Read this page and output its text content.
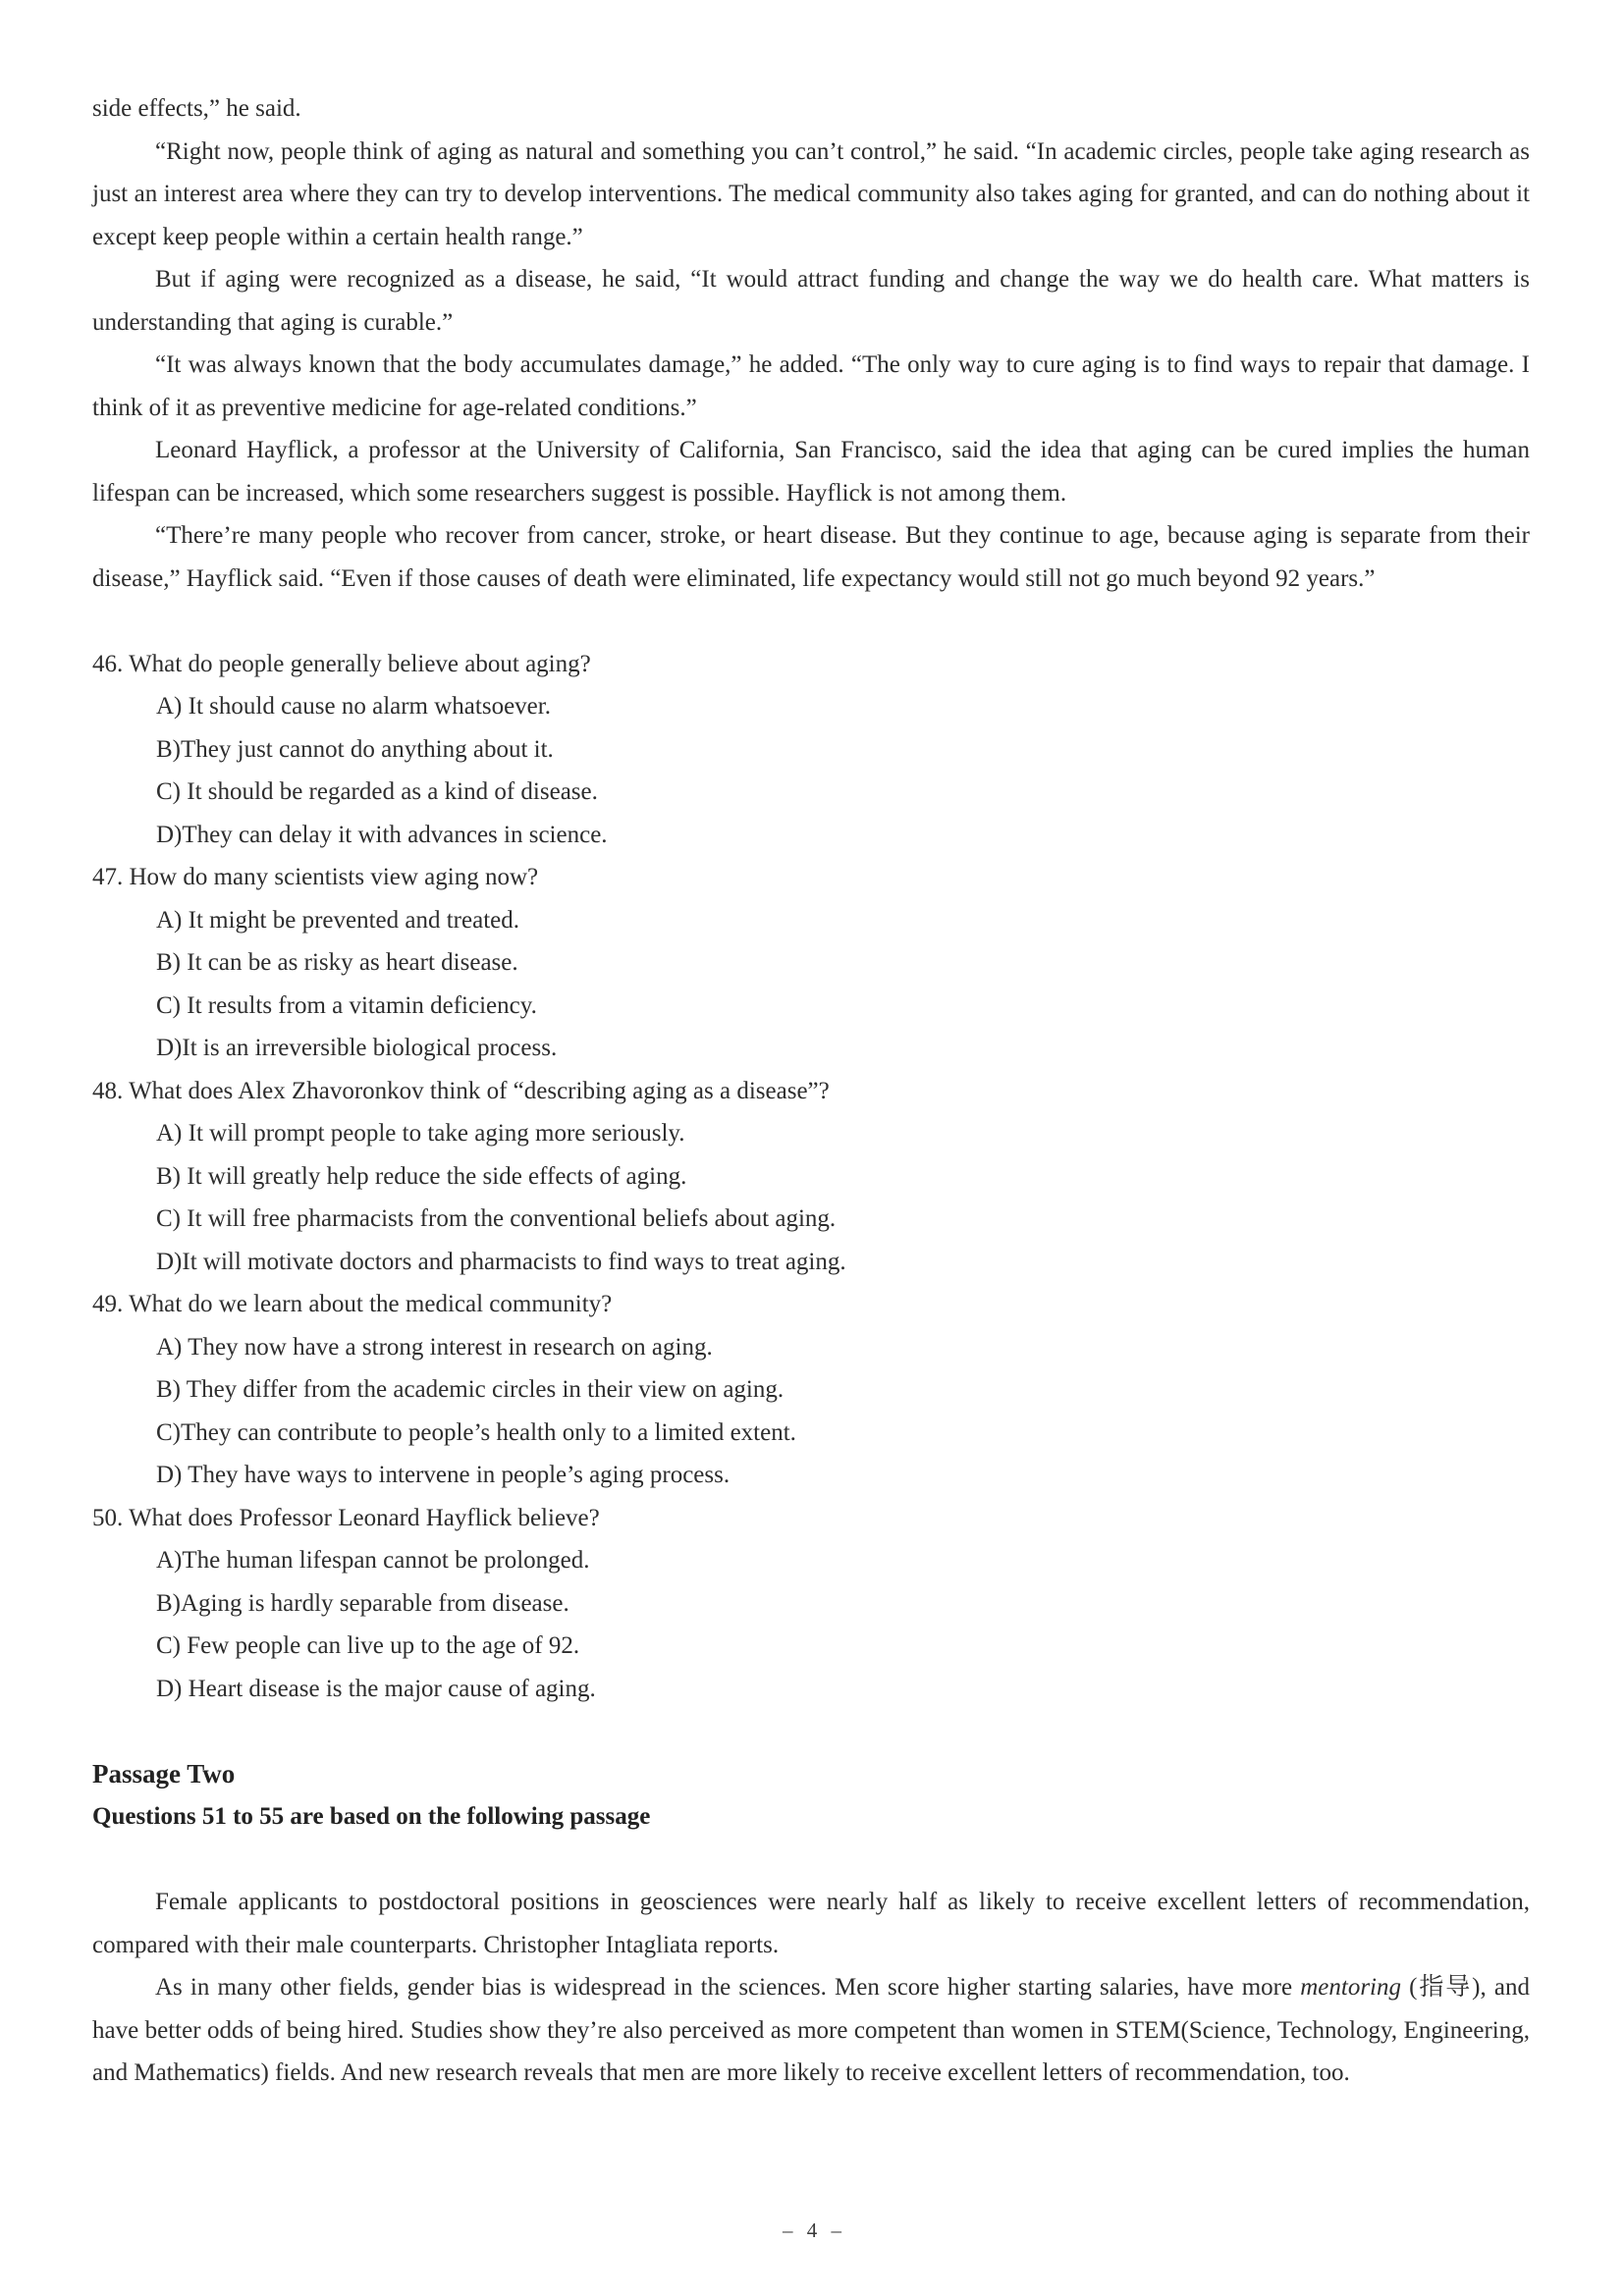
side effects,” he said.

“Right now, people think of aging as natural and something you can’t control,” he said. “In academic circles, people take aging research as just an interest area where they can try to develop interventions. The medical community also takes aging for granted, and can do nothing about it except keep people within a certain health range.”

But if aging were recognized as a disease, he said, “It would attract funding and change the way we do health care. What matters is understanding that aging is curable.”

“It was always known that the body accumulates damage,” he added. “The only way to cure aging is to find ways to repair that damage. I think of it as preventive medicine for age-related conditions.”

Leonard Hayflick, a professor at the University of California, San Francisco, said the idea that aging can be cured implies the human lifespan can be increased, which some researchers suggest is possible. Hayflick is not among them.

“There’re many people who recover from cancer, stroke, or heart disease. But they continue to age, because aging is separate from their disease,” Hayflick said. “Even if those causes of death were eliminated, life expectancy would still not go much beyond 92 years.”

46. What do people generally believe about aging?
A) It should cause no alarm whatsoever.
B)They just cannot do anything about it.
C) It should be regarded as a kind of disease.
D)They can delay it with advances in science.
47. How do many scientists view aging now?
A) It might be prevented and treated.
B) It can be as risky as heart disease.
C) It results from a vitamin deficiency.
D)It is an irreversible biological process.
48. What does Alex Zhavoronkov think of “describing aging as a disease”?
A) It will prompt people to take aging more seriously.
B) It will greatly help reduce the side effects of aging.
C) It will free pharmacists from the conventional beliefs about aging.
D)It will motivate doctors and pharmacists to find ways to treat aging.
49. What do we learn about the medical community?
A) They now have a strong interest in research on aging.
B) They differ from the academic circles in their view on aging.
C)They can contribute to people’s health only to a limited extent.
D) They have ways to intervene in people’s aging process.
50. What does Professor Leonard Hayflick believe?
A)The human lifespan cannot be prolonged.
B)Aging is hardly separable from disease.
C) Few people can live up to the age of 92.
D) Heart disease is the major cause of aging.
Passage Two
Questions 51 to 55 are based on the following passage

Female applicants to postdoctoral positions in geosciences were nearly half as likely to receive excellent letters of recommendation, compared with their male counterparts. Christopher Intagliata reports.

As in many other fields, gender bias is widespread in the sciences. Men score higher starting salaries, have more mentoring (指导), and have better odds of being hired. Studies show they’re also perceived as more competent than women in STEM(Science, Technology, Engineering, and Mathematics) fields. And new research reveals that men are more likely to receive excellent letters of recommendation, too.

– 4 –
